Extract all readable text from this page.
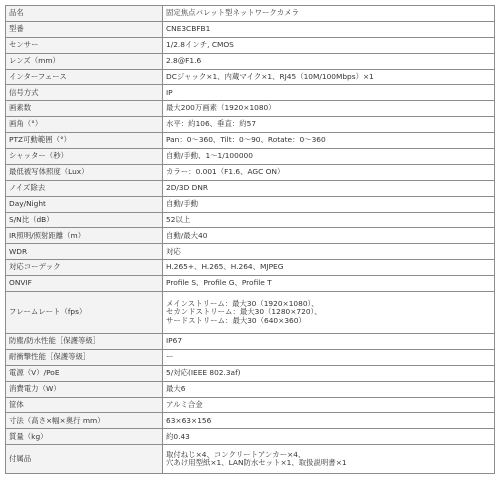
品名	固定焦点バレット型ネットワークカメラ

型番	CNE3CBFB1

センサー	1/2.8インチ, CMOS

レンズ（mm）	2.8@F1.6

インターフェース	DCジャック×1、内蔵マイク×1、RJ45（10M/100Mbps）×1

信号方式	IP

画素数	最大200万画素（1920×1080）

画角（°）	水平：約106、垂直：約57

PTZ可動範囲（°）	Pan：0～360、Tilt：0～90、Rotate：0～360

シャッター（秒）	自動/手動、1～1/100000

最低被写体照度（Lux）	カラー：0.001（F1.6、AGC ON）

ノイズ除去	2D/3D DNR

Day/Night	自動/手動

S/N比（dB）	52以上

IR照明/照射距離（m）	自動/最大40

WDR	対応

対応コーデック	H.265+、H.265、H.264、MJPEG

ONVIF	Profile S、Profile G、Profile T

フレームレート（fps）	メインストリーム：最大30（1920×1080）、
セカンドストリーム：最大30（1280×720）、
サードストリーム：最大30（640×360）

防塵/防水性能［保護等級］	IP67

耐衝撃性能［保護等級］	ー

電源（V）/PoE	5/対応(IEEE 802.3af)

消費電力（W）	最大6

筐体	アルミ合金

寸法（高さ×幅×奥行 mm）	63×63×156

質量（kg）	約0.43

付属品	取付ねじ×4、コンクリートアンカー×4、
穴あけ用型紙×1、LAN防水セット×1、取扱説明書×1
